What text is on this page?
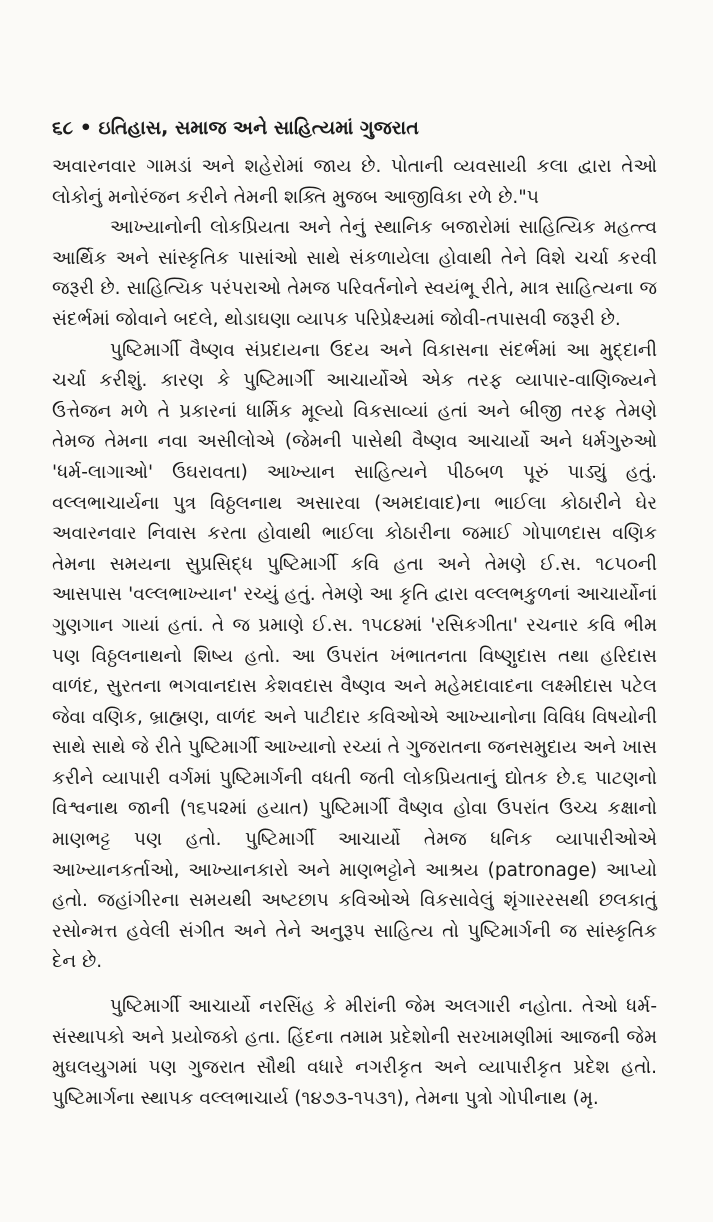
૬૮ • ઇતિહાસ, સમાજ અને સાહિત્યમાં ગુજરાત

અવારનવાર ગામડાં અને શહેરોમાં જાય છે. પોતાની વ્યવસાયી કલા દ્વારા તેઓ લોકોનું મનોરંજન કરીને તેમની શક્તિ મુજબ આજીવિકા રળે છે."૫

આખ્યાનોની લોકપ્રિયતા અને તેનું સ્થાનિક બજારોમાં સાહિત્યિક મહત્ત્વ આર્થિક અને સાંસ્કૃતિક પાસાંઓ સાથે સંકળાયેલા હોવાથી તેને વિશે ચર્ચા કરવી જરૂરી છે. સાહિત્યિક પરંપરાઓ તેમજ પરિવર્તનોને સ્વયંભૂ રીતે, માત્ર સાહિત્યના જ સંદર્ભમાં જોવાને બદલે, થોડાઘણા વ્યાપક પરિપ્રેક્ષ્યમાં જોવી-તપાસવી જરૂરી છે.

પુષ્ટિમાર્ગી વૈષ્ણવ સંપ્રદાયના ઉદય અને વિકાસના સંદર્ભમાં આ મુદ્દાની ચર્ચા કરીશું. કારણ કે પુષ્ટિમાર્ગી આચાર્યોએ એક તરફ વ્યાપાર-વાણિજ્યને ઉત્તેજન મળે તે પ્રકારનાં ધાર્મિક મૂલ્યો વિકસાવ્યાં હતાં અને બીજી તરફ તેમણે તેમજ તેમના નવા અસીલોએ (જેમની પાસેથી વૈષ્ણવ આચાર્યો અને ધર્મગુરુઓ 'ધર્મ-લાગાઓ' ઉઘરાવતા) આખ્યાન સાહિત્યને પીઠબળ પૂરું પાડ્યું હતું. વલ્લભાચાર્યના પુત્ર વિઠ્ઠલનાથ અસારવા (અમદાવાદ)ના ભાઈલા કોઠારીને ઘેર અવારનવાર નિવાસ કરતા હોવાથી ભાઈલા કોઠારીના જમાઈ ગોપાળદાસ વણિક તેમના સમયના સુપ્રસિદ્ધ પુષ્ટિમાર્ગી કવિ હતા અને તેમણે ઈ.સ. ૧૮૫૦ની આસપાસ 'વલ્લભાખ્યાન' રચ્યું હતું. તેમણે આ કૃતિ દ્વારા વલ્લભકુળનાં આચાર્યોનાં ગુણગાન ગાયાં હતાં. તે જ પ્રમાણે ઈ.સ. ૧૫૮૪માં 'રસિકગીતા' રચનાર કવિ ભીમ પણ વિઠ્ઠલનાથનો શિષ્ય હતો. આ ઉપરાંત ખંભાતનતા વિષ્ણુદાસ તથા હરિદાસ વાળંદ, સુરતના ભગવાનદાસ કેશવદાસ વૈષ્ણવ અને મહેમદાવાદના લક્ષ્મીદાસ પટેલ જેવા વણિક, બ્રાહ્મણ, વાળંદ અને પાટીદાર કવિઓએ આખ્યાનોના વિવિધ વિષયોની સાથે સાથે જે રીતે પુષ્ટિમાર્ગી આખ્યાનો રચ્યાં તે ગુજરાતના જનસમુદાય અને ખાસ કરીને વ્યાપારી વર્ગમાં પુષ્ટિમાર્ગની વધતી જતી લોકપ્રિયતાનું દ્યોતક છે.૬ પાટણનો વિશ્વનાથ જાની (૧૬૫૨માં હયાત) પુષ્ટિમાર્ગી વૈષ્ણવ હોવા ઉપરાંત ઉચ્ચ કક્ષાનો માણભટ્ટ પણ હતો. પુષ્ટિમાર્ગી આચાર્યો તેમજ ધનિક વ્યાપારીઓએ આખ્યાનકર્તાઓ, આખ્યાનકારો અને માણભટ્ટોને આશ્રય (patronage) આપ્યો હતો. જહાંગીરના સમયથી અષ્ટછાપ કવિઓએ વિકસાવેલું શૃંગારરસથી છલકાતું રસોન્મત્ત હવેલી સંગીત અને તેને અનુરૂપ સાહિત્ય તો પુષ્ટિમાર્ગની જ સાંસ્કૃતિક દેન છે.

પુષ્ટિમાર્ગી આચાર્યો નરસિંહ કે મીરાંની જેમ અલગારી નહોતા. તેઓ ધર્મ-સંસ્થાપકો અને પ્રયોજકો હતા. હિંદના તમામ પ્રદેશોની સરખામણીમાં આજની જેમ મુઘલયુગમાં પણ ગુજરાત સૌથી વધારે નગરીકૃત અને વ્યાપારીકૃત પ્રદેશ હતો. પુષ્ટિમાર્ગના સ્થાપક વલ્લભાચાર્ય (૧૪૭૩-૧૫૩૧), તેમના પુત્રો ગોપીનાથ (મૃ.
